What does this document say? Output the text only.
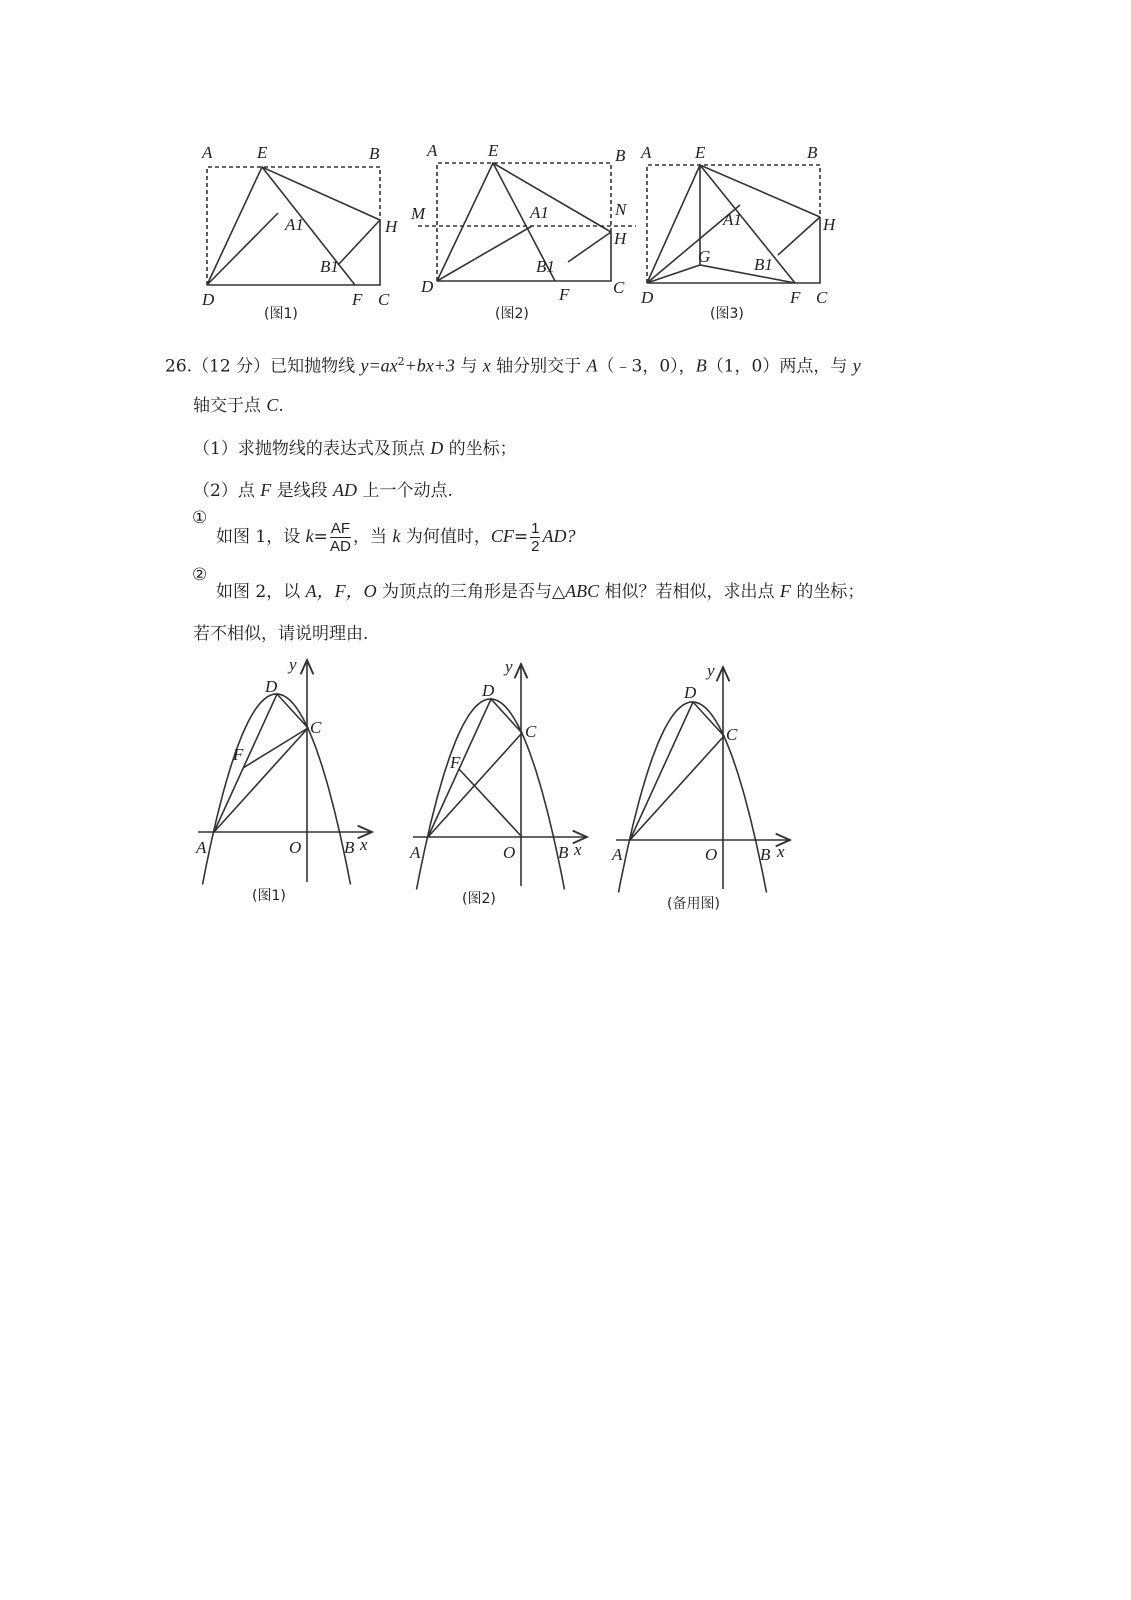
A	E	B
H
A1
B1
D	F C
(图1)
A	E	B
M	N
A1
H
B1
D	F	C
(图2)
A	E	B
H
A1
G	B1
D	F C
(图3)
26.（12 分）已知抛物线 $y=ax^2+bx+3$ 与 x 轴分别交于 A（﹣3，0），B（1，0）两点，与 y
轴交于点 C.
（1）求抛物线的表达式及顶点 D 的坐标；
（2）点 F 是线段 AD 上一个动点.
①
如图 1，设 $k= \frac{AF}{AD}$ ，当 k 为何值时，$CF= \frac{1}{2}$ AD?
②
如图 2，以 A，F，O 为顶点的三角形是否与△ABC 相似？若相似，求出点 F 的坐标；
若不相似，请说明理由.
y
D
C
F
A	O	B x
(图1)
y
D
C
F
A	O	B x
(图2)
y
D
C
A	O	B x
(备用图)
